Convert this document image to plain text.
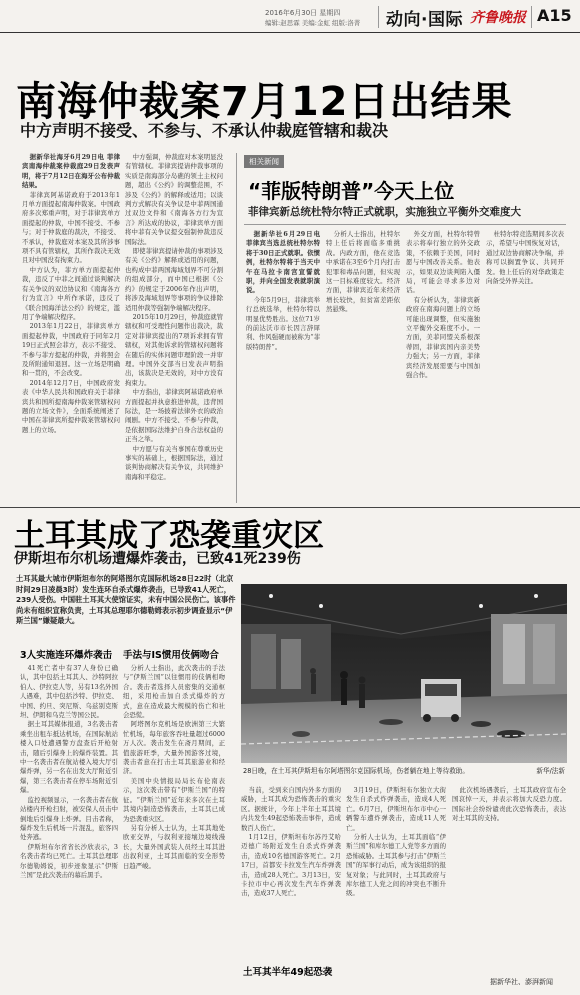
2016年6月30日 星期四
编辑:赵思霖 美编:金虹 组版:洛菁 动向·国际 齐鲁晚报 A15
南海仲裁案7月12日出结果
中方声明不接受、不参与、不承认仲裁庭管辖和裁决

据新华社海牙6月29日电 菲律宾南海仲裁案仲裁庭29日发表声明，将于7月12日在海牙公布仲裁结果。

菲律宾阿基诺政府于2013年1月单方面提起南海仲裁案。中国政府多次郑重声明，对于菲律宾单方面提起的仲裁，中国不接受、不参与；对于仲裁庭的裁决，不接受、不承认，仲裁庭对本案及其所涉事项不具有管辖权，其所作裁决无效且对中国没有拘束力。

中方认为，菲方单方面提起仲裁，违反了中菲之间通过谈判解决有关争议的双边协议和《南海各方行为宣言》中所作承诺，违反了《联合国海洋法公约》的规定，滥用了争端解决程序。

2013年1月22日，菲律宾单方面提起仲裁，中国政府于同年2月19日正式照会菲方，表示不接受、不参与菲方提起的仲裁，并将照会及所附通知退回。这一立场是明确和一贯的，不会改变。

2014年12月7日，中国政府发表《中华人民共和国政府关于菲律宾共和国所提南海仲裁案管辖权问题的立场文件》，全面系统阐述了中国在菲律宾所提仲裁案管辖权问题上的立场。

中方强调，仲裁庭对本案明显没有管辖权。菲律宾提请仲裁事项的实质是南海部分岛礁的领土主权问题，超出《公约》的调整范围，不涉及《公约》的解释或适用；以谈判方式解决有关争议是中菲两国通过双边文件和《南海各方行为宣言》所达成的协议，菲律宾单方面将中菲有关争议提交强制仲裁违反国际法。

即使菲律宾提请仲裁的事项涉及有关《公约》解释或适用的问题，也构成中菲两国海域划界不可分割的组成部分，而中国已根据《公约》的规定于2006年作出声明，将涉及海域划界等事项的争议排除适用仲裁等强制争端解决程序。

2015年10月29日，仲裁庭就管辖权和可受理性问题作出裁决，裁定对菲律宾提出的7项诉求拥有管辖权，对其他诉求的管辖权问题将在随后的实体问题审理阶段一并审理。中国外交部当日发表声明指出，该裁决是无效的，对中方没有拘束力。

中方指出，菲律宾阿基诺政府单方面提起并执意推进仲裁，违背国际法，是一场披着法律外衣的政治闹剧。中方不接受、不参与仲裁，是依据国际法维护自身合法权益的正当之举。

中方愿与有关当事国在尊重历史事实的基础上，根据国际法，通过谈判协商解决有关争议，共同维护南海和平稳定。

相关新闻
“菲版特朗普”今天上位
菲律宾新总统杜特尔特正式就职，实施独立平衡外交难度大

据新华社6月29日电 菲律宾当选总统杜特尔特将于30日正式就职。依惯例，杜特尔特将于当天中午在马拉卡南宫宣誓就职，并向全国发表就职演说。

今年5月9日，菲律宾举行总统选举，杜特尔特以明显优势胜出。这位71岁的前达沃市市长因言辞犀利、作风强硬而被称为“菲版特朗普”。

分析人士指出，杜特尔特上任后将面临多重挑战。内政方面，他在竞选中承诺在3至6个月内打击犯罪和毒品问题，但实现这一目标难度较大。经济方面，菲律宾近年来经济增长较快，但贫富差距依然悬殊。

外交方面，杜特尔特曾表示将奉行独立的外交政策，不依赖于美国，同时愿与中国改善关系。他表示，如果双边谈判陷入僵局，可能会寻求多边对话。

有分析认为，菲律宾新政府在南海问题上的立场可能出现调整，但实施独立平衡外交难度不小。一方面，美菲同盟关系根深蒂固，菲律宾国内亲美势力强大；另一方面，菲律宾经济发展需要与中国加强合作。

杜特尔特竞选期间多次表示，希望与中国恢复对话，通过双边协商解决争端，并称可以搁置争议、共同开发。他上任后的对华政策走向备受外界关注。

土耳其成了恐袭重灾区
伊斯坦布尔机场遭爆炸袭击，已致41死239伤
土耳其最大城市伊斯坦布尔的阿塔图尔克国际机场28日22时（北京时间29日凌晨3时）发生连环自杀式爆炸袭击，已导致41人死亡，239人受伤。中国驻土耳其大使馆证实，未有中国公民伤亡。该事件尚未有组织宣称负责，土耳其总理耶尔德勒姆表示初步调查显示“伊斯兰国”嫌疑最大。
3人实施连环爆炸袭击 手法与IS惯用伎俩吻合

41死亡者中有37人身份已确认，其中包括土耳其人、沙特阿拉伯人、伊拉克人等，另有13名外国人遇难，其中包括沙特、伊拉克、中国、约旦、突尼斯、乌兹别克斯坦、伊朗和乌克兰等国公民。

据土耳其媒体报道，3名袭击者乘坐出租车抵达机场，在国际航站楼入口处遭遇警方盘查后开枪射击，随后引爆身上的爆炸装置。其中一名袭击者在航站楼入境大厅引爆炸弹，另一名在出发大厅附近引爆，第三名袭击者在停车场附近引爆。

监控视频显示，一名袭击者在航站楼内开枪扫射，被安保人员击中倒地后引爆身上炸弹。目击者称，爆炸发生后机场一片混乱，旅客四处奔逃。

伊斯坦布尔省省长沙欣表示，3名袭击者均已死亡。土耳其总理耶尔德勒姆说，初步迹象显示“伊斯兰国”是此次袭击的幕后黑手。

分析人士指出，此次袭击的手法与“伊斯兰国”以往惯用的伎俩相吻合。袭击者选择人员密集的交通枢纽，采用枪击加自杀式爆炸的方式，意在造成最大规模的伤亡和社会恐慌。

阿塔图尔克机场是欧洲第三大繁忙机场，每年旅客吞吐量超过6000万人次。袭击发生在斋月期间，正值旅游旺季，大量外国游客过境，袭击者意在打击土耳其旅游业和经济。

美国中央情报局局长布伦南表示，这次袭击带有“伊斯兰国”的特征。“伊斯兰国”近年来多次在土耳其境内制造恐怖袭击，土耳其已成为恐袭重灾区。

另有分析人士认为，土耳其地处欧亚交界，与叙利亚接壤边境线漫长，大量外国武装人员经土耳其进出叙利亚，土耳其面临的安全形势日趋严峻。

28日晚，在土耳其伊斯坦布尔阿塔图尔克国际机场，伤者躺在地上等待救助。	新华/法新

当前，受到来自国内外多方面的威胁，土耳其成为恐怖袭击的重灾区。据统计，今年上半年土耳其境内共发生49起恐怖袭击事件，造成数百人伤亡。

1月12日，伊斯坦布尔苏丹艾哈迈德广场附近发生自杀式炸弹袭击，造成10名德国游客死亡。2月17日，首都安卡拉发生汽车炸弹袭击，造成28人死亡。3月13日，安卡拉市中心再次发生汽车炸弹袭击，造成37人死亡。

3月19日，伊斯坦布尔独立大街发生自杀式炸弹袭击，造成4人死亡。6月7日，伊斯坦布尔市中心一辆警车遭炸弹袭击，造成11人死亡。

分析人士认为，土耳其面临“伊斯兰国”和库尔德工人党等多方面的恐怖威胁。土耳其参与打击“伊斯兰国”的军事行动后，成为该组织的报复对象；与此同时，土耳其政府与库尔德工人党之间的冲突也不断升级。

此次机场遇袭后，土耳其政府宣布全国哀悼一天，并表示将加大反恐力度。国际社会纷纷谴责此次恐怖袭击，表达对土耳其的支持。

土耳其半年49起恐袭
据新华社、澎湃新闻
